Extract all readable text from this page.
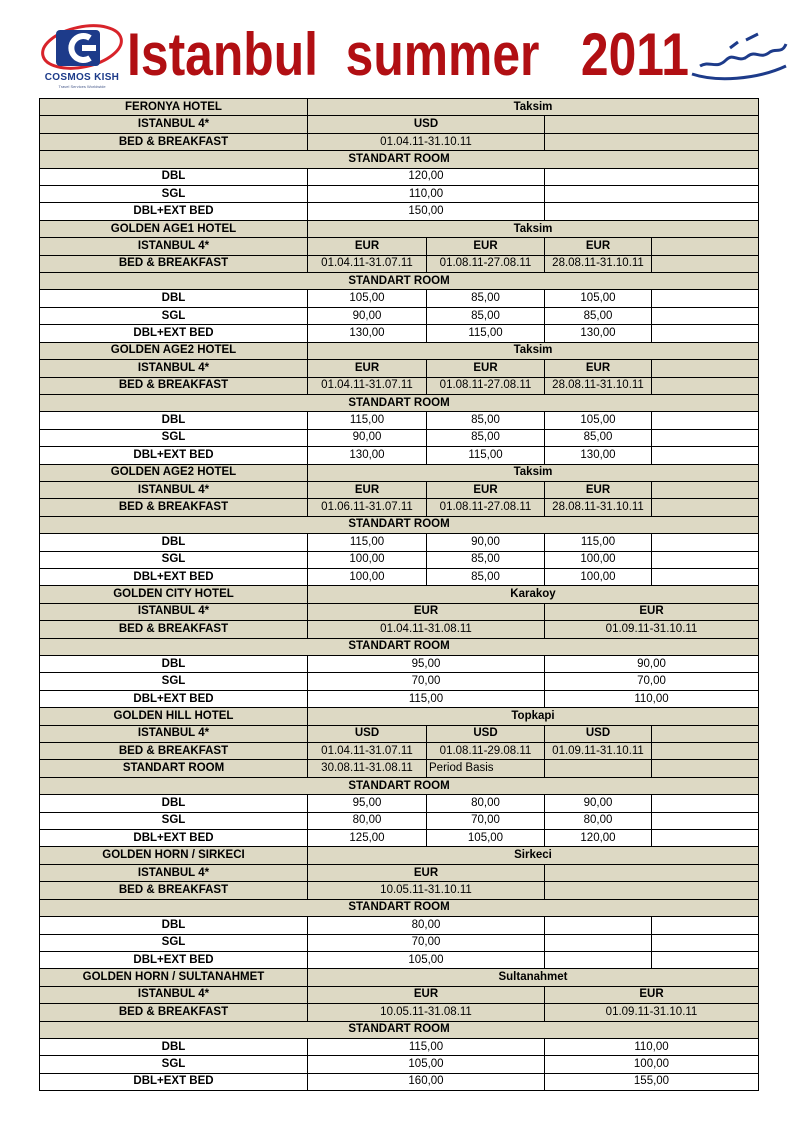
COSMOS KISH
Travel Services Worldwide Istanbul  summer   2011	کاسموس کیش
FERONYA HOTEL	Taksim			
ISTANBUL 4*	USD			
BED & BREAKFAST	01.04.11-31.10.11			
STANDART ROOM				
DBL	120,00			
SGL	110,00			
DBL+EXT BED	150,00			
GOLDEN AGE1 HOTEL	Taksim			
ISTANBUL 4*	EUR	EUR	EUR	
BED & BREAKFAST	01.04.11-31.07.11	01.08.11-27.08.11	28.08.11-31.10.11	
STANDART ROOM				
DBL	105,00	85,00	105,00	
SGL	90,00	85,00	85,00	
DBL+EXT BED	130,00	115,00	130,00	
GOLDEN AGE2 HOTEL	Taksim			
ISTANBUL 4*	EUR	EUR	EUR	
BED & BREAKFAST	01.04.11-31.07.11	01.08.11-27.08.11	28.08.11-31.10.11	
STANDART ROOM				
DBL	115,00	85,00	105,00	
SGL	90,00	85,00	85,00	
DBL+EXT BED	130,00	115,00	130,00	
GOLDEN AGE2 HOTEL	Taksim			
ISTANBUL 4*	EUR	EUR	EUR	
BED & BREAKFAST	01.06.11-31.07.11	01.08.11-27.08.11	28.08.11-31.10.11	
STANDART ROOM				
DBL	115,00	90,00	115,00	
SGL	100,00	85,00	100,00	
DBL+EXT BED	100,00	85,00	100,00	
GOLDEN CITY HOTEL	Karakoy			
ISTANBUL 4*	EUR		EUR	
BED & BREAKFAST	01.04.11-31.08.11		01.09.11-31.10.11	
STANDART ROOM				
DBL	95,00		90,00	
SGL	70,00		70,00	
DBL+EXT BED	115,00		110,00	
GOLDEN HILL HOTEL	Topkapi			
ISTANBUL 4*	USD	USD	USD	
BED & BREAKFAST	01.04.11-31.07.11	01.08.11-29.08.11	01.09.11-31.10.11	
STANDART ROOM	30.08.11-31.08.11	Period Basis		
STANDART ROOM				
DBL	95,00	80,00	90,00	
SGL	80,00	70,00	80,00	
DBL+EXT BED	125,00	105,00	120,00	
GOLDEN HORN / SIRKECI	Sirkeci			
ISTANBUL 4*	EUR			
BED & BREAKFAST	10.05.11-31.10.11			
STANDART ROOM				
DBL	80,00			
SGL	70,00			
DBL+EXT BED	105,00			
GOLDEN HORN / SULTANAHMET	Sultanahmet			
ISTANBUL 4*	EUR		EUR	
BED & BREAKFAST	10.05.11-31.08.11		01.09.11-31.10.11	
STANDART ROOM				
DBL	115,00		110,00	
SGL	105,00		100,00	
DBL+EXT BED	160,00		155,00	
